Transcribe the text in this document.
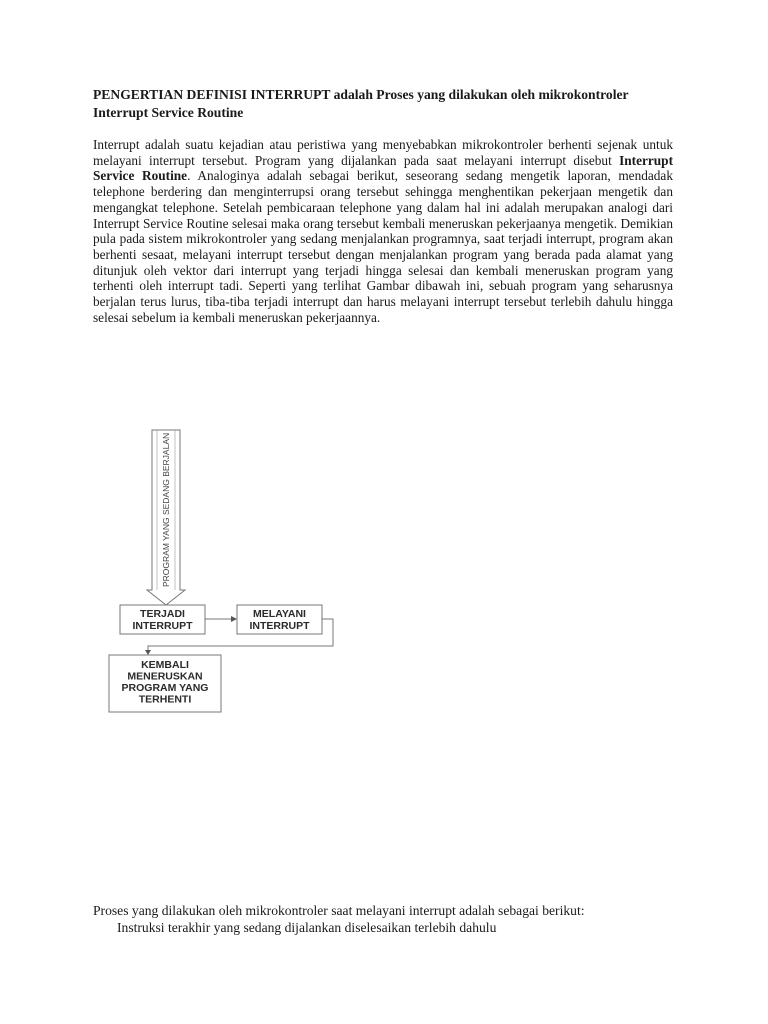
PENGERTIAN DEFINISI INTERRUPT adalah Proses yang dilakukan oleh mikrokontroler Interrupt Service Routine
Interrupt adalah suatu kejadian atau peristiwa yang menyebabkan mikrokontroler berhenti sejenak untuk melayani interrupt tersebut. Program yang dijalankan pada saat melayani interrupt disebut Interrupt Service Routine. Analoginya adalah sebagai berikut, seseorang sedang mengetik laporan, mendadak telephone berdering dan menginterrupsi orang tersebut sehingga menghentikan pekerjaan mengetik dan mengangkat telephone. Setelah pembicaraan telephone yang dalam hal ini adalah merupakan analogi dari Interrupt Service Routine selesai maka orang tersebut kembali meneruskan pekerjaanya mengetik. Demikian pula pada sistem mikrokontroler yang sedang menjalankan programnya, saat terjadi interrupt, program akan berhenti sesaat, melayani interrupt tersebut dengan menjalankan program yang berada pada alamat yang ditunjuk oleh vektor dari interrupt yang terjadi hingga selesai dan kembali meneruskan program yang terhenti oleh interrupt tadi. Seperti yang terlihat Gambar dibawah ini, sebuah program yang seharusnya berjalan terus lurus, tiba-tiba terjadi interrupt dan harus melayani interrupt tersebut terlebih dahulu hingga selesai sebelum ia kembali meneruskan pekerjaannya.
PROGRAM YANG SEDANG BERJALAN
TERJADI
INTERRUPT
MELAYANI
INTERRUPT
KEMBALI
MENERUSKAN
PROGRAM YANG
TERHENTI
Proses yang dilakukan oleh mikrokontroler saat melayani interrupt adalah sebagai berikut:
Instruksi terakhir yang sedang dijalankan diselesaikan terlebih dahulu
